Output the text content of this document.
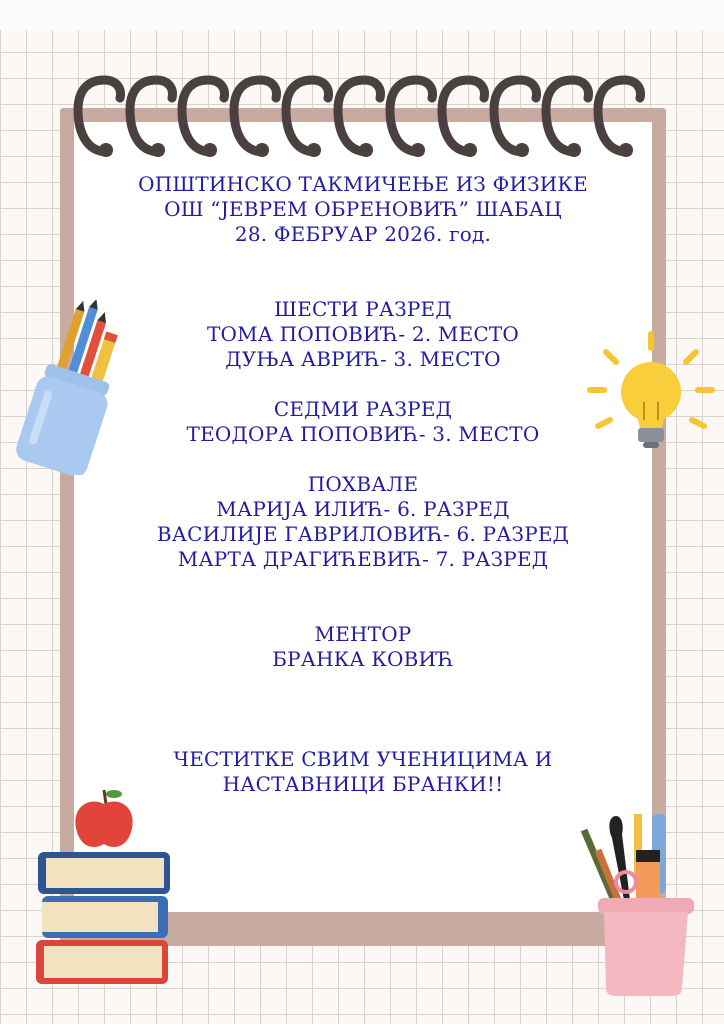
ОПШТИНСКО ТАКМИЧЕЊЕ ИЗ ФИЗИКЕ
ОШ “ЈЕВРЕМ ОБРЕНОВИЋ” ШАБАЦ
28. ФЕБРУАР 2026. год.
ШЕСТИ РАЗРЕД
ТОМА ПОПОВИЋ- 2. МЕСТО
ДУЊА АВРИЋ- 3. МЕСТО
СЕДМИ РАЗРЕД
ТЕОДОРА ПОПОВИЋ- 3. МЕСТО
ПОХВАЛЕ
МАРИЈА ИЛИЋ- 6. РАЗРЕД
ВАСИЛИЈЕ ГАВРИЛОВИЋ- 6. РАЗРЕД
МАРТА ДРАГИЋЕВИЋ- 7. РАЗРЕД
МЕНТОР
БРАНКА КОВИЋ
ЧЕСТИТКЕ СВИМ УЧЕНИЦИМА И
НАСТАВНИЦИ БРАНКИ!!
